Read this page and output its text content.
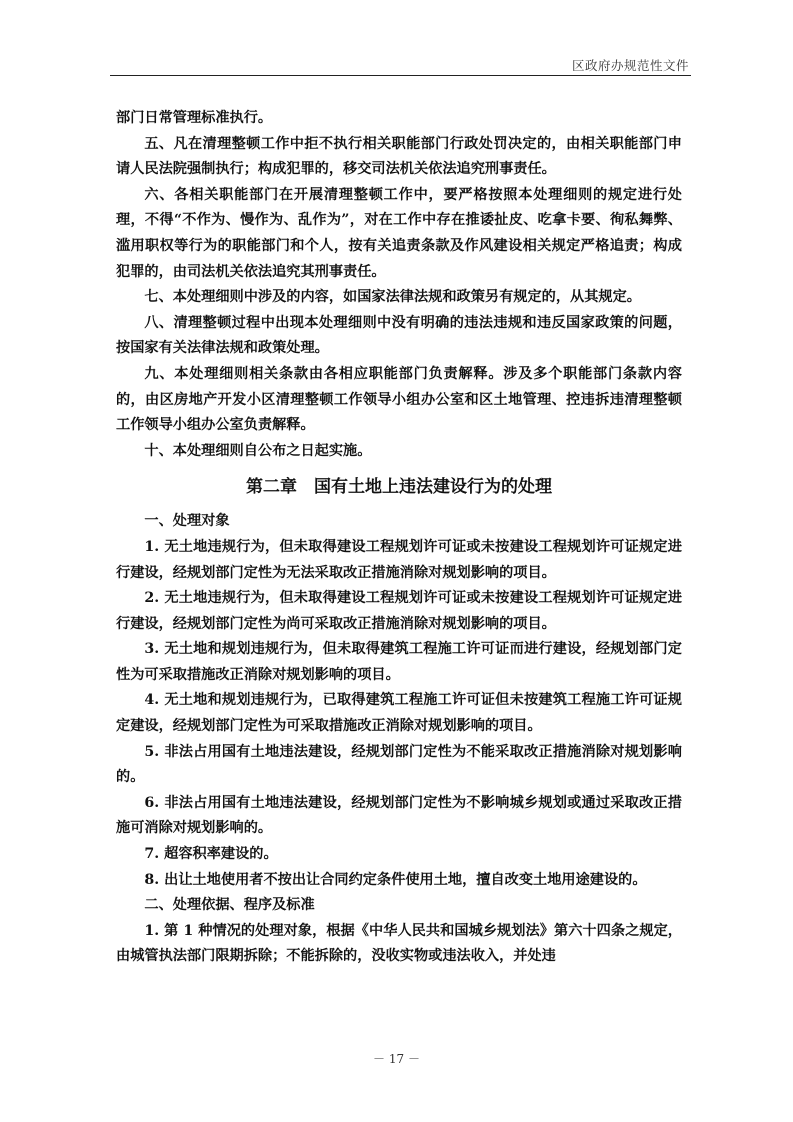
区政府办规范性文件

部门日常管理标准执行。

五、凡在清理整顿工作中拒不执行相关职能部门行政处罚决定的，由相关职能部门申请人民法院强制执行；构成犯罪的，移交司法机关依法追究刑事责任。

六、各相关职能部门在开展清理整顿工作中，要严格按照本处理细则的规定进行处理，不得“不作为、慢作为、乱作为”，对在工作中存在推诿扯皮、吃拿卡要、徇私舞弊、滥用职权等行为的职能部门和个人，按有关追责条款及作风建设相关规定严格追责；构成犯罪的，由司法机关依法追究其刑事责任。

七、本处理细则中涉及的内容，如国家法律法规和政策另有规定的，从其规定。

八、清理整顿过程中出现本处理细则中没有明确的违法违规和违反国家政策的问题，按国家有关法律法规和政策处理。

九、本处理细则相关条款由各相应职能部门负责解释。涉及多个职能部门条款内容的，由区房地产开发小区清理整顿工作领导小组办公室和区土地管理、控违拆违清理整顿工作领导小组办公室负责解释。

十、本处理细则自公布之日起实施。

第二章　国有土地上违法建设行为的处理

一、处理对象

1. 无土地违规行为，但未取得建设工程规划许可证或未按建设工程规划许可证规定进行建设，经规划部门定性为无法采取改正措施消除对规划影响的项目。

2. 无土地违规行为，但未取得建设工程规划许可证或未按建设工程规划许可证规定进行建设，经规划部门定性为尚可采取改正措施消除对规划影响的项目。

3. 无土地和规划违规行为，但未取得建筑工程施工许可证而进行建设，经规划部门定性为可采取措施改正消除对规划影响的项目。

4. 无土地和规划违规行为，已取得建筑工程施工许可证但未按建筑工程施工许可证规定建设，经规划部门定性为可采取措施改正消除对规划影响的项目。

5. 非法占用国有土地违法建设，经规划部门定性为不能采取改正措施消除对规划影响的。

6. 非法占用国有土地违法建设，经规划部门定性为不影响城乡规划或通过采取改正措施可消除对规划影响的。

7. 超容积率建设的。

8. 出让土地使用者不按出让合同约定条件使用土地，擅自改变土地用途建设的。

二、处理依据、程序及标准

1. 第 1 种情况的处理对象，根据《中华人民共和国城乡规划法》第六十四条之规定，由城管执法部门限期拆除；不能拆除的，没收实物或违法收入，并处违

－ 17 －
